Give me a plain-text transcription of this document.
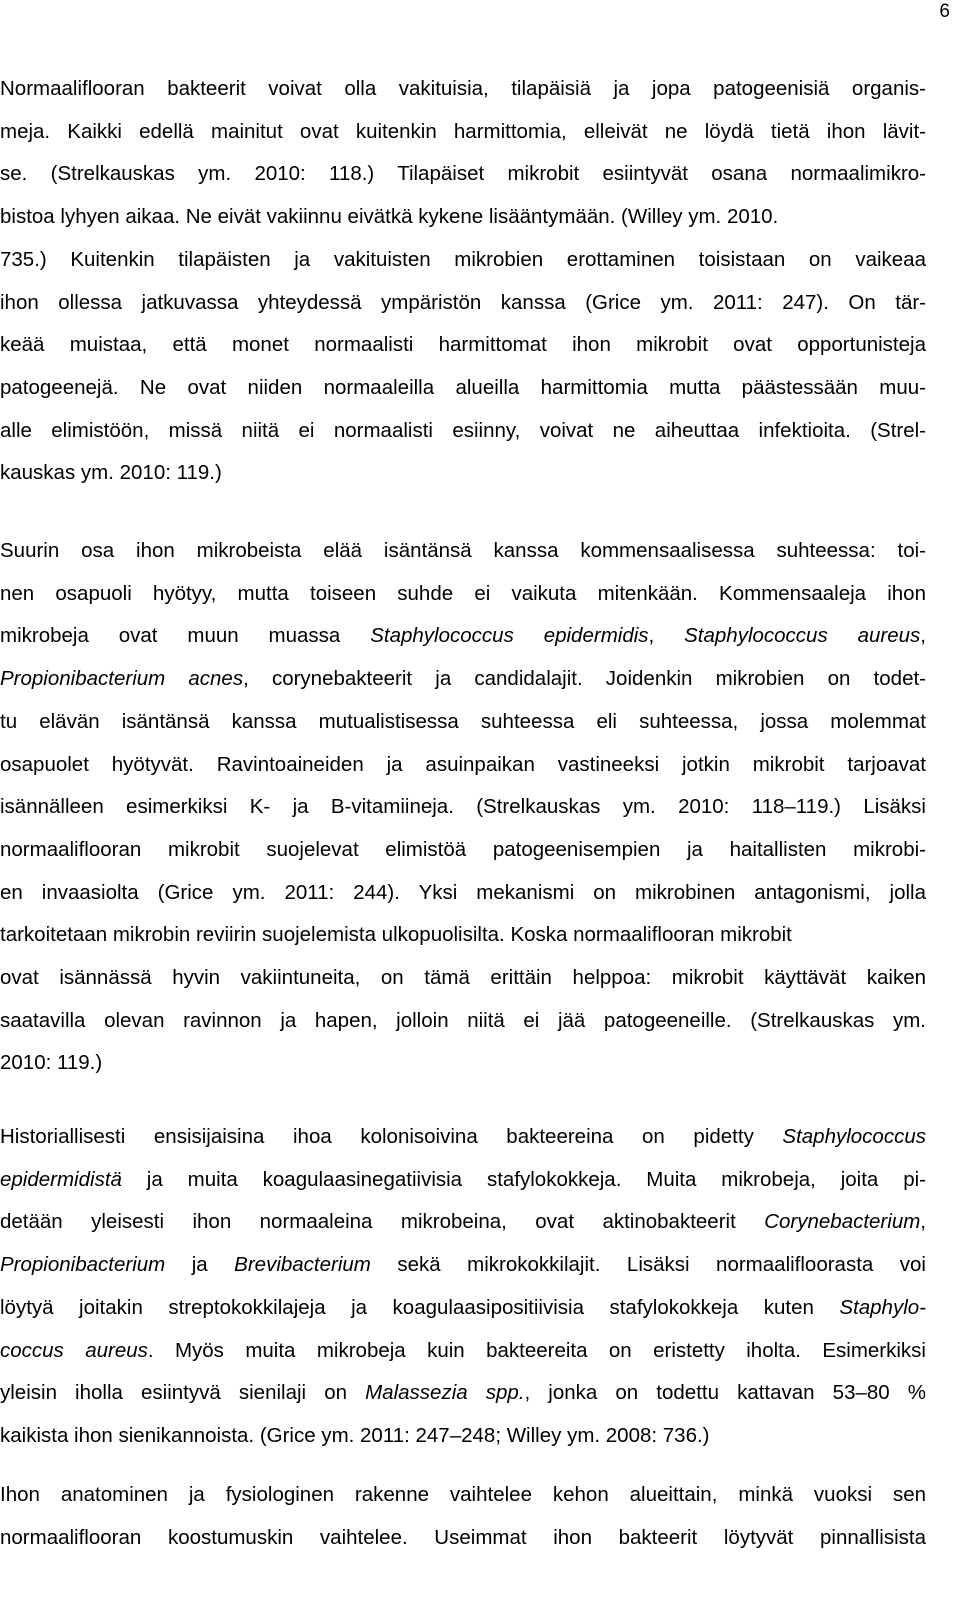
6
Normaaliflooran bakteerit voivat olla vakituisia, tilapäisiä ja jopa patogeenisiä organis-
meja. Kaikki edellä mainitut ovat kuitenkin harmittomia, elleivät ne löydä tietä ihon lävit-
se. (Strelkauskas ym. 2010: 118.) Tilapäiset mikrobit esiintyvät osana normaalimikro-
bistoa lyhyen aikaa. Ne eivät vakiinnu eivätkä kykene lisääntymään. (Willey ym. 2010.
735.) Kuitenkin tilapäisten ja vakituisten mikrobien erottaminen toisistaan on vaikeaa
ihon ollessa jatkuvassa yhteydessä ympäristön kanssa (Grice ym. 2011: 247). On tär-
keää muistaa, että monet normaalisti harmittomat ihon mikrobit ovat opportunisteja
patogeenejä. Ne ovat niiden normaaleilla alueilla harmittomia mutta päästessään muu-
alle elimistöön, missä niitä ei normaalisti esiinny, voivat ne aiheuttaa infektioita. (Strel-
kauskas ym. 2010: 119.)
Suurin osa ihon mikrobeista elää isäntänsä kanssa kommensaalisessa suhteessa: toi-
nen osapuoli hyötyy, mutta toiseen suhde ei vaikuta mitenkään. Kommensaaleja ihon
mikrobeja ovat muun muassa Staphylococcus epidermidis, Staphylococcus aureus,
Propionibacterium acnes, corynebakteerit ja candidalajit. Joidenkin mikrobien on todet-
tu elävän isäntänsä kanssa mutualistisessa suhteessa eli suhteessa, jossa molemmat
osapuolet hyötyvät. Ravintoaineiden ja asuinpaikan vastineeksi jotkin mikrobit tarjoavat
isännälleen esimerkiksi K- ja B-vitamiineja. (Strelkauskas ym. 2010: 118–119.) Lisäksi
normaaliflooran mikrobit suojelevat elimistöä patogeenisempien ja haitallisten mikrobi-
en invaasiolta (Grice ym. 2011: 244). Yksi mekanismi on mikrobinen antagonismi, jolla
tarkoitetaan mikrobin reviirin suojelemista ulkopuolisilta. Koska normaaliflooran mikrobit
ovat isännässä hyvin vakiintuneita, on tämä erittäin helppoa: mikrobit käyttävät kaiken
saatavilla olevan ravinnon ja hapen, jolloin niitä ei jää patogeeneille. (Strelkauskas ym.
2010: 119.)
Historiallisesti ensisijaisina ihoa kolonisoivina bakteereina on pidetty Staphylococcus
epidermidistä ja muita koagulaasinegatiivisia stafylokokkeja. Muita mikrobeja, joita pi-
detään yleisesti ihon normaaleina mikrobeina, ovat aktinobakteerit Corynebacterium,
Propionibacterium ja Brevibacterium sekä mikrokokkilajit. Lisäksi normaalifloorasta voi
löytyä joitakin streptokokkilajeja ja koagulaasipositiivisia stafylokokkeja kuten Staphylo-
coccus aureus. Myös muita mikrobeja kuin bakteereita on eristetty iholta. Esimerkiksi
yleisin iholla esiintyvä sienilaji on Malassezia spp., jonka on todettu kattavan 53–80 %
kaikista ihon sienikannoista. (Grice ym. 2011: 247–248; Willey ym. 2008: 736.)
Ihon anatominen ja fysiologinen rakenne vaihtelee kehon alueittain, minkä vuoksi sen
normaaliflooran koostumuskin vaihtelee. Useimmat ihon bakteerit löytyvät pinnallisista
